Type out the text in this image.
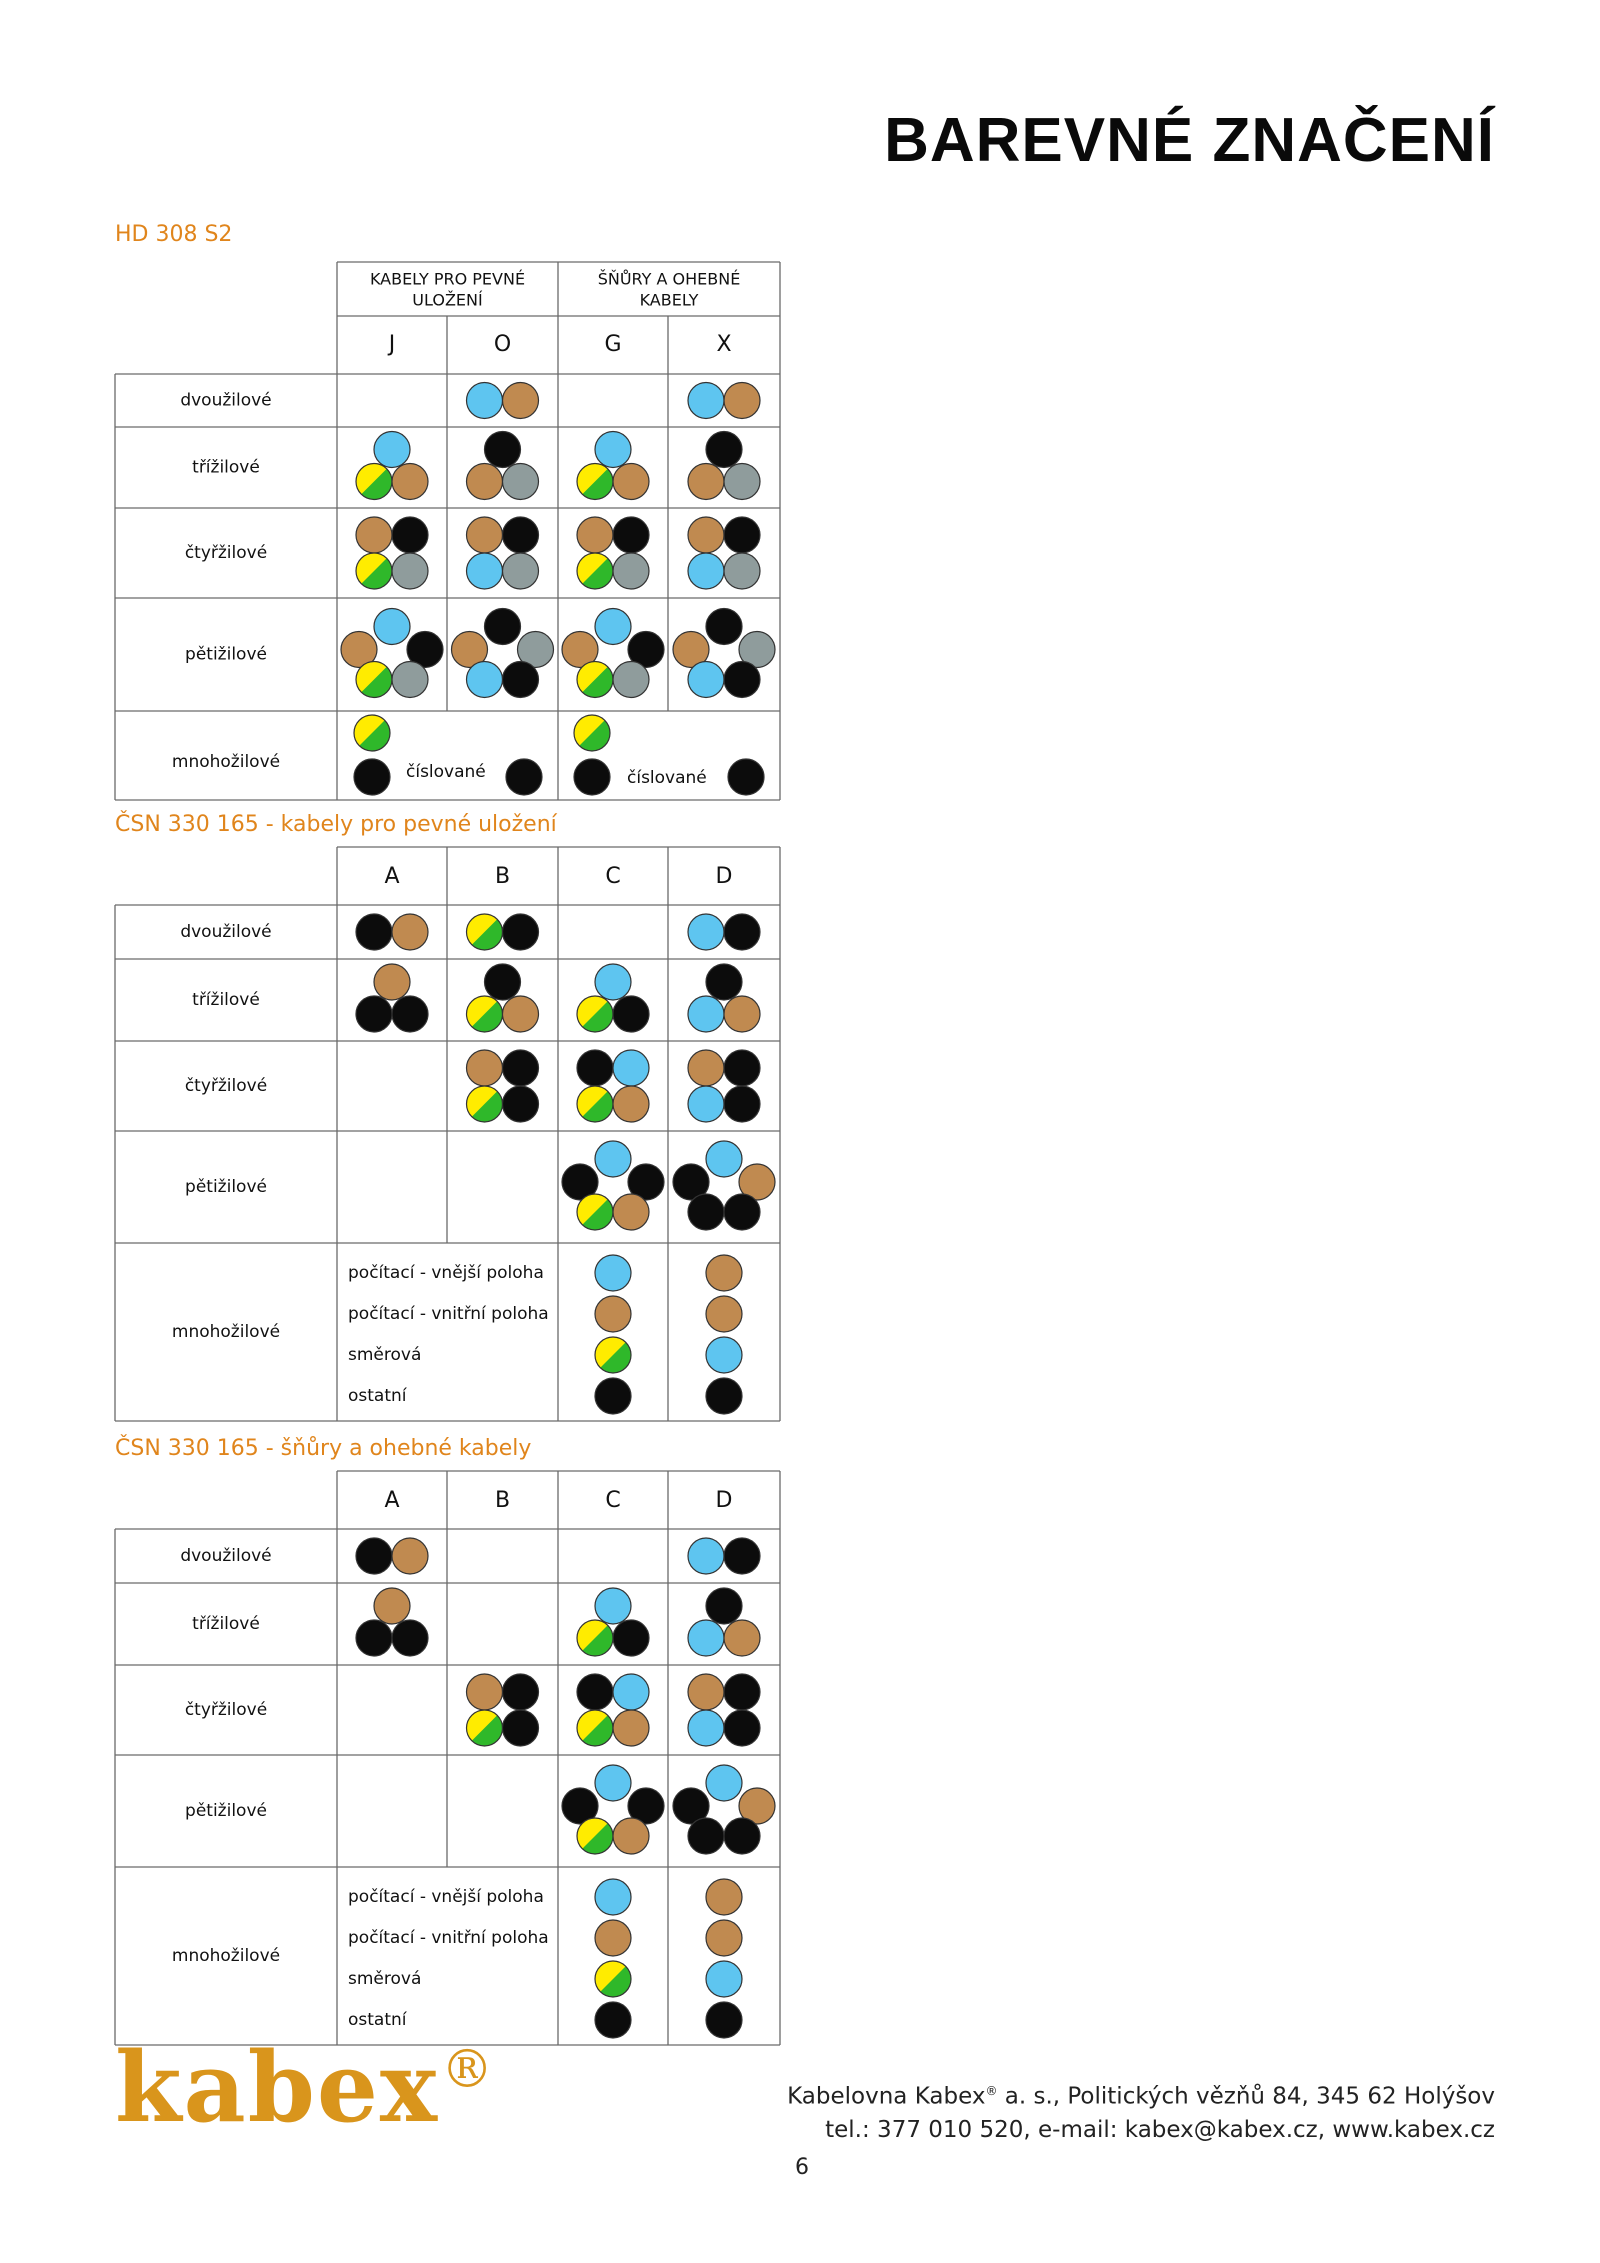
BAREVNÉ ZNAČENÍ
HD 308 S2
ČSN 330 165 - kabely pro pevné uložení
ČSN 330 165 - šňůry a ohebné kabely
KABELY PRO PEVNÉ
ULOŽENÍ
ŠŇŮRY A OHEBNÉ
KABELY
J	O	G	X
dvoužilové
třížilové
čtyřžilové
pětižilové
mnohožilové	číslované	číslované
A	B	C	D
dvoužilové
třížilové
čtyřžilové
pětižilové
mnohožilové
počítací - vnější poloha
počítací - vnitřní poloha
směrová
ostatní
A	B	C	D
dvoužilové
třížilové
čtyřžilové
pětižilové
mnohožilové
počítací - vnější poloha
počítací - vnitřní poloha
směrová
ostatní
kabex®	Kabelovna Kabex® a. s., Politických vězňů 84, 345 62 Holýšov
tel.: 377 010 520, e-mail: kabex@kabex.cz, www.kabex.cz
6
